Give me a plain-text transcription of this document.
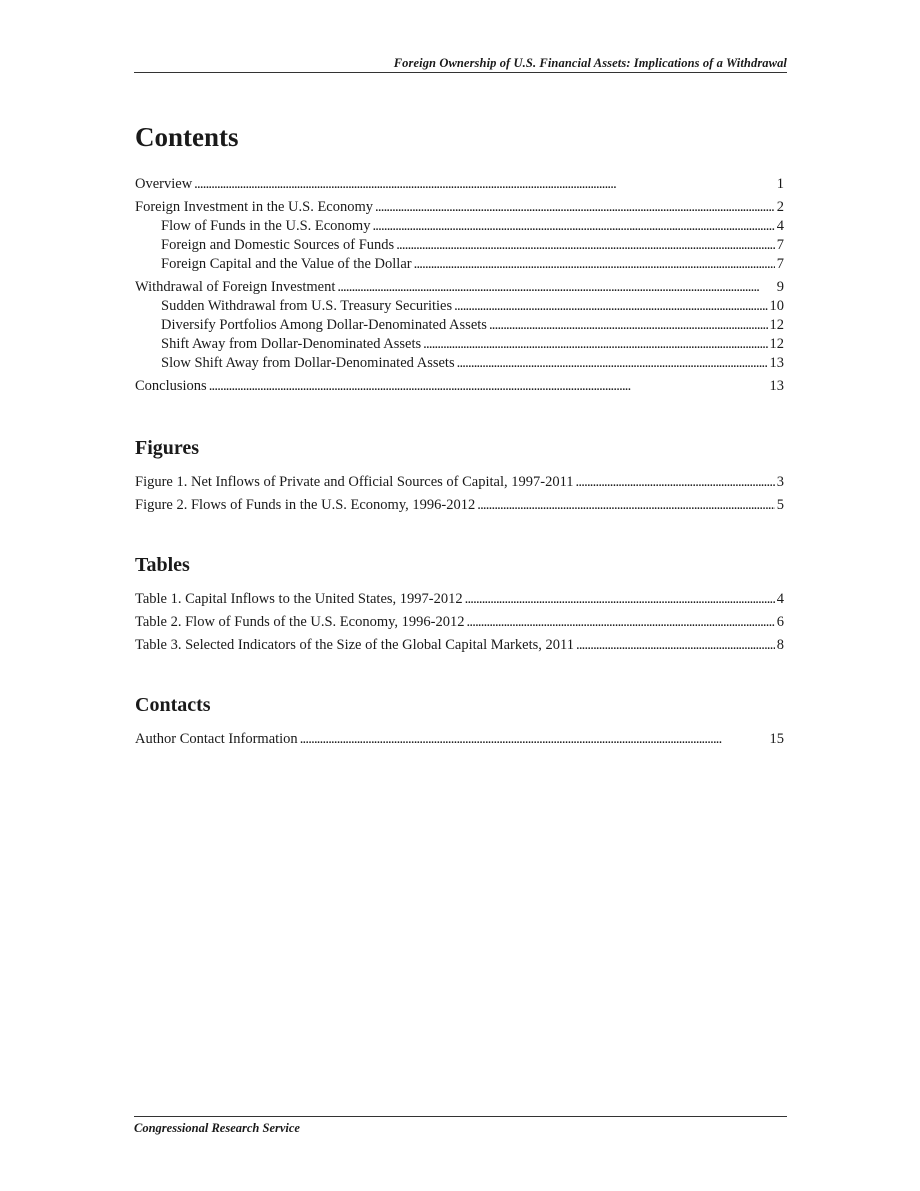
Foreign Ownership of U.S. Financial Assets: Implications of a Withdrawal
Contents
Overview . . .	1
Foreign Investment in the U.S. Economy . . .	2
Flow of Funds in the U.S. Economy . . .	4
Foreign and Domestic Sources of Funds . . .	7
Foreign Capital and the Value of the Dollar . . .	7
Withdrawal of Foreign Investment . . .	9
Sudden Withdrawal from U.S. Treasury Securities . . .	10
Diversify Portfolios Among Dollar-Denominated Assets . . .	12
Shift Away from Dollar-Denominated Assets . . .	12
Slow Shift Away from Dollar-Denominated Assets . . .	13
Conclusions . . .	13
Figures
Figure 1. Net Inflows of Private and Official Sources of Capital, 1997-2011 . . .	3
Figure 2. Flows of Funds in the U.S. Economy, 1996-2012 . . .	5
Tables
Table 1. Capital Inflows to the United States, 1997-2012 . . .	4
Table 2. Flow of Funds of the U.S. Economy, 1996-2012 . . .	6
Table 3. Selected Indicators of the Size of the Global Capital Markets, 2011 . . .	8
Contacts
Author Contact Information . . .	15
Congressional Research Service
